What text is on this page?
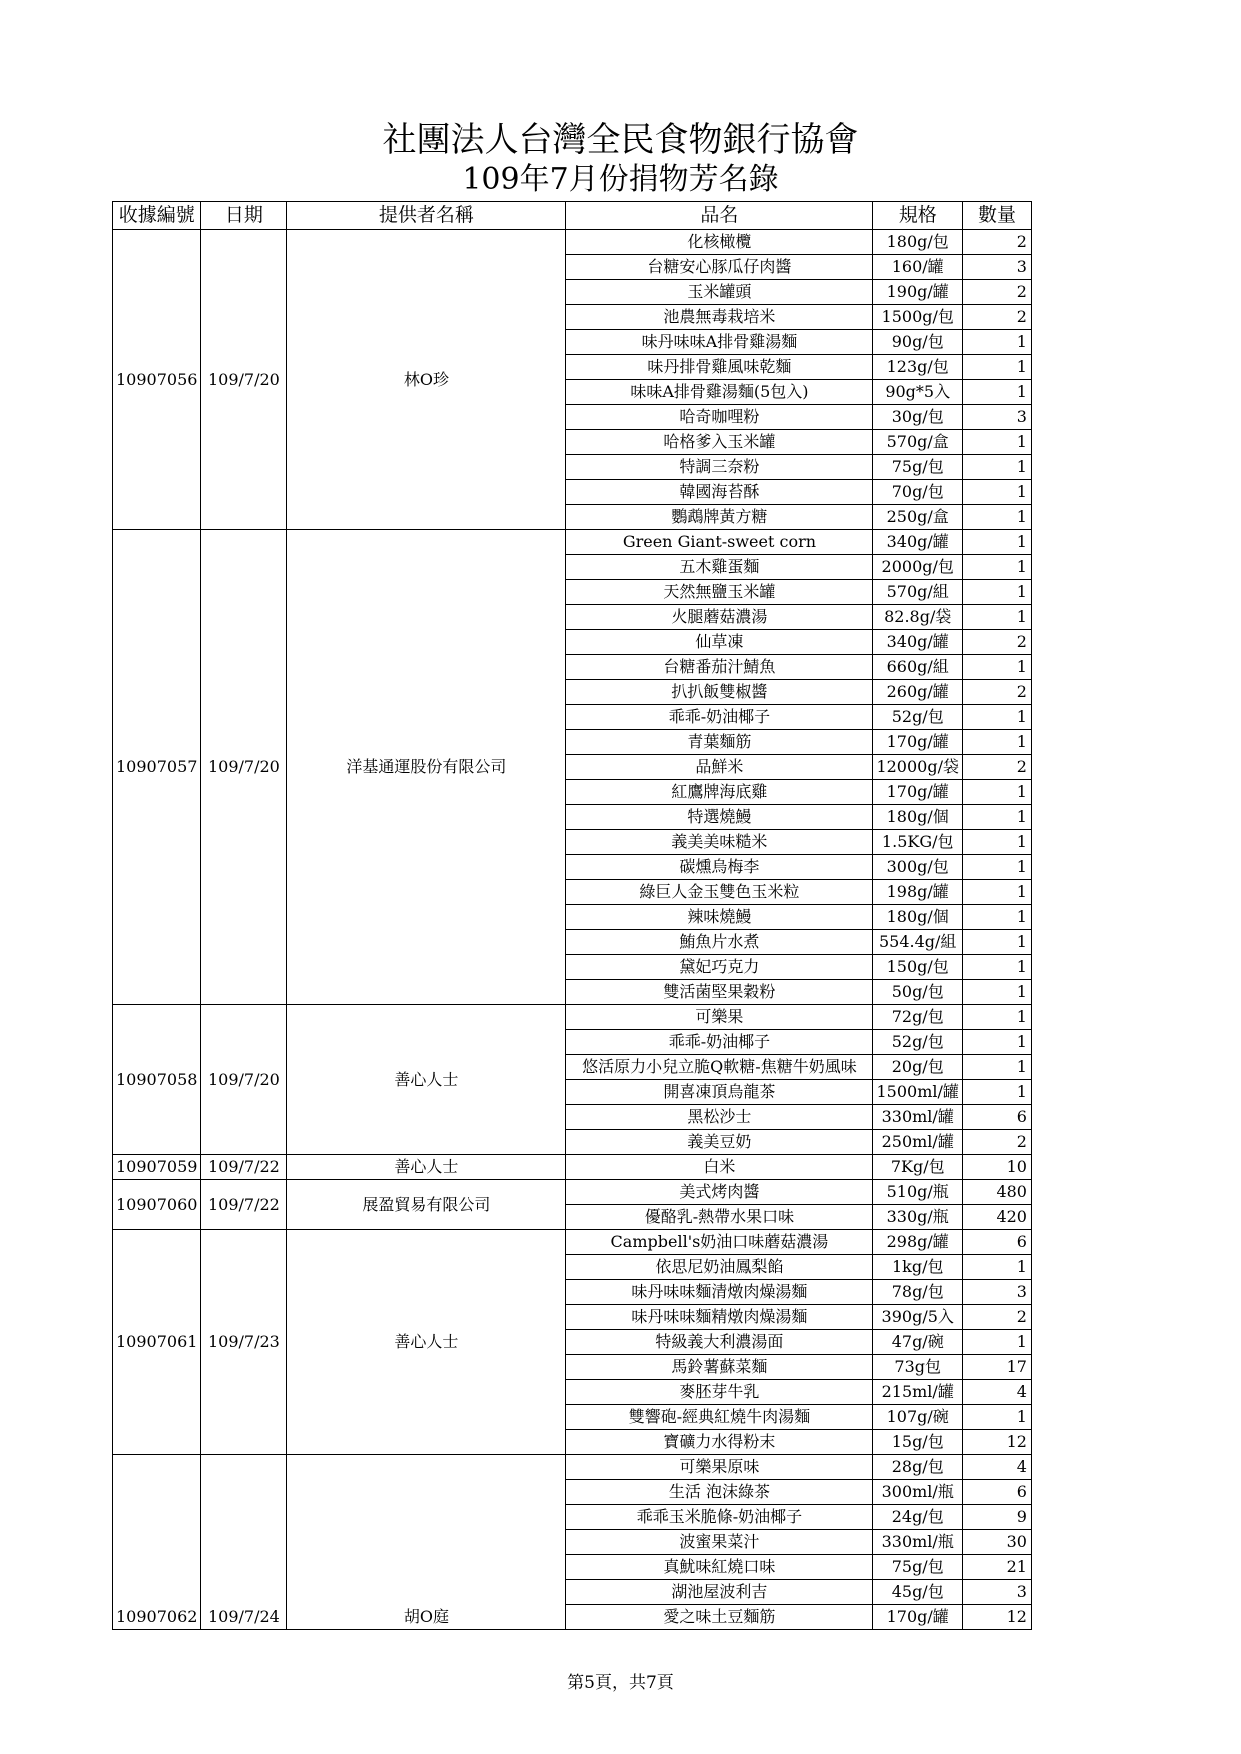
社團法人台灣全民食物銀行協會
109年7月份捐物芳名錄
收據編號	日期	提供者名稱	品名	規格	數量
10907056	109/7/20	林O珍	化核橄欖	180g/包	2
			台糖安心豚瓜仔肉醬	160/罐	3
			玉米罐頭	190g/罐	2
			池農無毒栽培米	1500g/包	2
			味丹味味A排骨雞湯麵	90g/包	1
			味丹排骨雞風味乾麵	123g/包	1
			味味A排骨雞湯麵(5包入)	90g*5入	1
			哈奇咖哩粉	30g/包	3
			哈格爹入玉米罐	570g/盒	1
			特調三奈粉	75g/包	1
			韓國海苔酥	70g/包	1
			鸚鵡牌黃方糖	250g/盒	1
10907057	109/7/20	洋基通運股份有限公司	Green Giant-sweet corn	340g/罐	1
			五木雞蛋麵	2000g/包	1
			天然無鹽玉米罐	570g/組	1
			火腿蘑菇濃湯	82.8g/袋	1
			仙草凍	340g/罐	2
			台糖番茄汁鯖魚	660g/組	1
			扒扒飯雙椒醬	260g/罐	2
			乖乖-奶油椰子	52g/包	1
			青葉麵筋	170g/罐	1
			品鮮米	12000g/袋	2
			紅鷹牌海底雞	170g/罐	1
			特選燒鰻	180g/個	1
			義美美味糙米	1.5KG/包	1
			碳燻烏梅李	300g/包	1
			綠巨人金玉雙色玉米粒	198g/罐	1
			辣味燒鰻	180g/個	1
			鮪魚片水煮	554.4g/組	1
			黛妃巧克力	150g/包	1
			雙活菌堅果穀粉	50g/包	1
10907058	109/7/20	善心人士	可樂果	72g/包	1
			乖乖-奶油椰子	52g/包	1
			悠活原力小兒立脆Q軟糖-焦糖牛奶風味	20g/包	1
			開喜凍頂烏龍茶	1500ml/罐	1
			黑松沙士	330ml/罐	6
			義美豆奶	250ml/罐	2
10907059	109/7/22	善心人士	白米	7Kg/包	10
10907060	109/7/22	展盈貿易有限公司	美式烤肉醬	510g/瓶	480
			優酪乳-熱帶水果口味	330g/瓶	420
10907061	109/7/23	善心人士	Campbell's奶油口味蘑菇濃湯	298g/罐	6
			依思尼奶油鳳梨餡	1kg/包	1
			味丹味味麵清燉肉燥湯麵	78g/包	3
			味丹味味麵精燉肉燥湯麵	390g/5入	2
			特級義大利濃湯面	47g/碗	1
			馬鈴薯蘇菜麵	73g包	17
			麥胚芽牛乳	215ml/罐	4
			雙響砲-經典紅燒牛肉湯麵	107g/碗	1
			寶礦力水得粉末	15g/包	12
10907062	109/7/24	胡O庭	可樂果原味	28g/包	4
			生活 泡沫綠茶	300ml/瓶	6
			乖乖玉米脆條-奶油椰子	24g/包	9
			波蜜果菜汁	330ml/瓶	30
			真魷味紅燒口味	75g/包	21
			湖池屋波利吉	45g/包	3
			愛之味土豆麵筋	170g/罐	12
第5頁，共7頁
